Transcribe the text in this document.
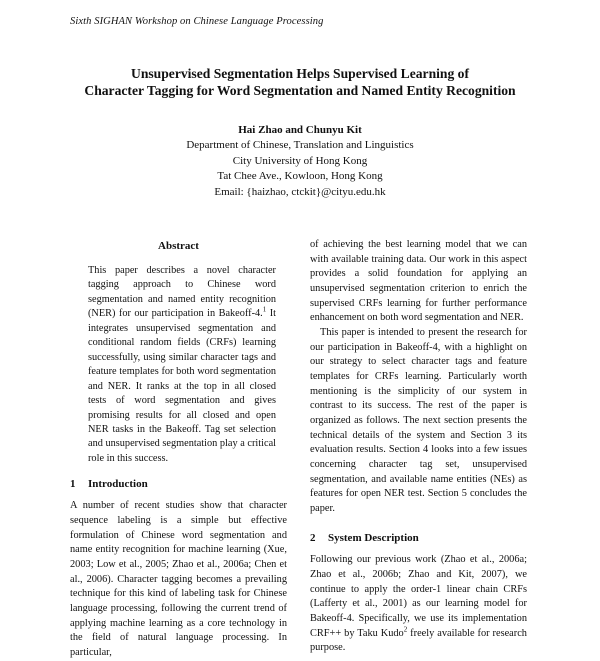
Sixth SIGHAN Workshop on Chinese Language Processing
Unsupervised Segmentation Helps Supervised Learning of
Character Tagging for Word Segmentation and Named Entity Recognition
Hai Zhao and Chunyu Kit
Department of Chinese, Translation and Linguistics
City University of Hong Kong
Tat Chee Ave., Kowloon, Hong Kong
Email: {haizhao, ctckit}@cityu.edu.hk
Abstract

This paper describes a novel character tagging approach to Chinese word segmentation and named entity recognition (NER) for our participation in Bakeoff-4.$^1$ It integrates unsupervised segmentation and conditional random fields (CRFs) learning successfully, using similar character tags and feature templates for both word segmentation and NER. It ranks at the top in all closed tests of word segmentation and gives promising results for all closed and open NER tasks in the Bakeoff. Tag set selection and unsupervised segmentation play a critical role in this success.

1 Introduction

A number of recent studies show that character sequence labeling is a simple but effective formulation of Chinese word segmentation and name entity recognition for machine learning (Xue, 2003; Low et al., 2005; Zhao et al., 2006a; Chen et al., 2006). Character tagging becomes a prevailing technique for this kind of labeling task for Chinese language processing, following the current trend of applying machine learning as a core technology in the field of natural language processing. In particular,

of achieving the best learning model that we can with available training data. Our work in this aspect provides a solid foundation for applying an unsupervised segmentation criterion to enrich the supervised CRFs learning for further performance enhancement on both word segmentation and NER.

This paper is intended to present the research for our participation in Bakeoff-4, with a highlight on our strategy to select character tags and feature templates for CRFs learning. Particularly worth mentioning is the simplicity of our system in contrast to its success. The rest of the paper is organized as follows. The next section presents the technical details of the system and Section 3 its evaluation results. Section 4 looks into a few issues concerning character tag set, unsupervised segmentation, and available name entities (NEs) as features for open NER test. Section 5 concludes the paper.

2 System Description

Following our previous work (Zhao et al., 2006a; Zhao et al., 2006b; Zhao and Kit, 2007), we continue to apply the order-1 linear chain CRFs (Lafferty et al., 2001) as our learning model for Bakeoff-4. Specifically, we use its implementation CRF++ by Taku Kudo$^2$ freely available for research purpose.
